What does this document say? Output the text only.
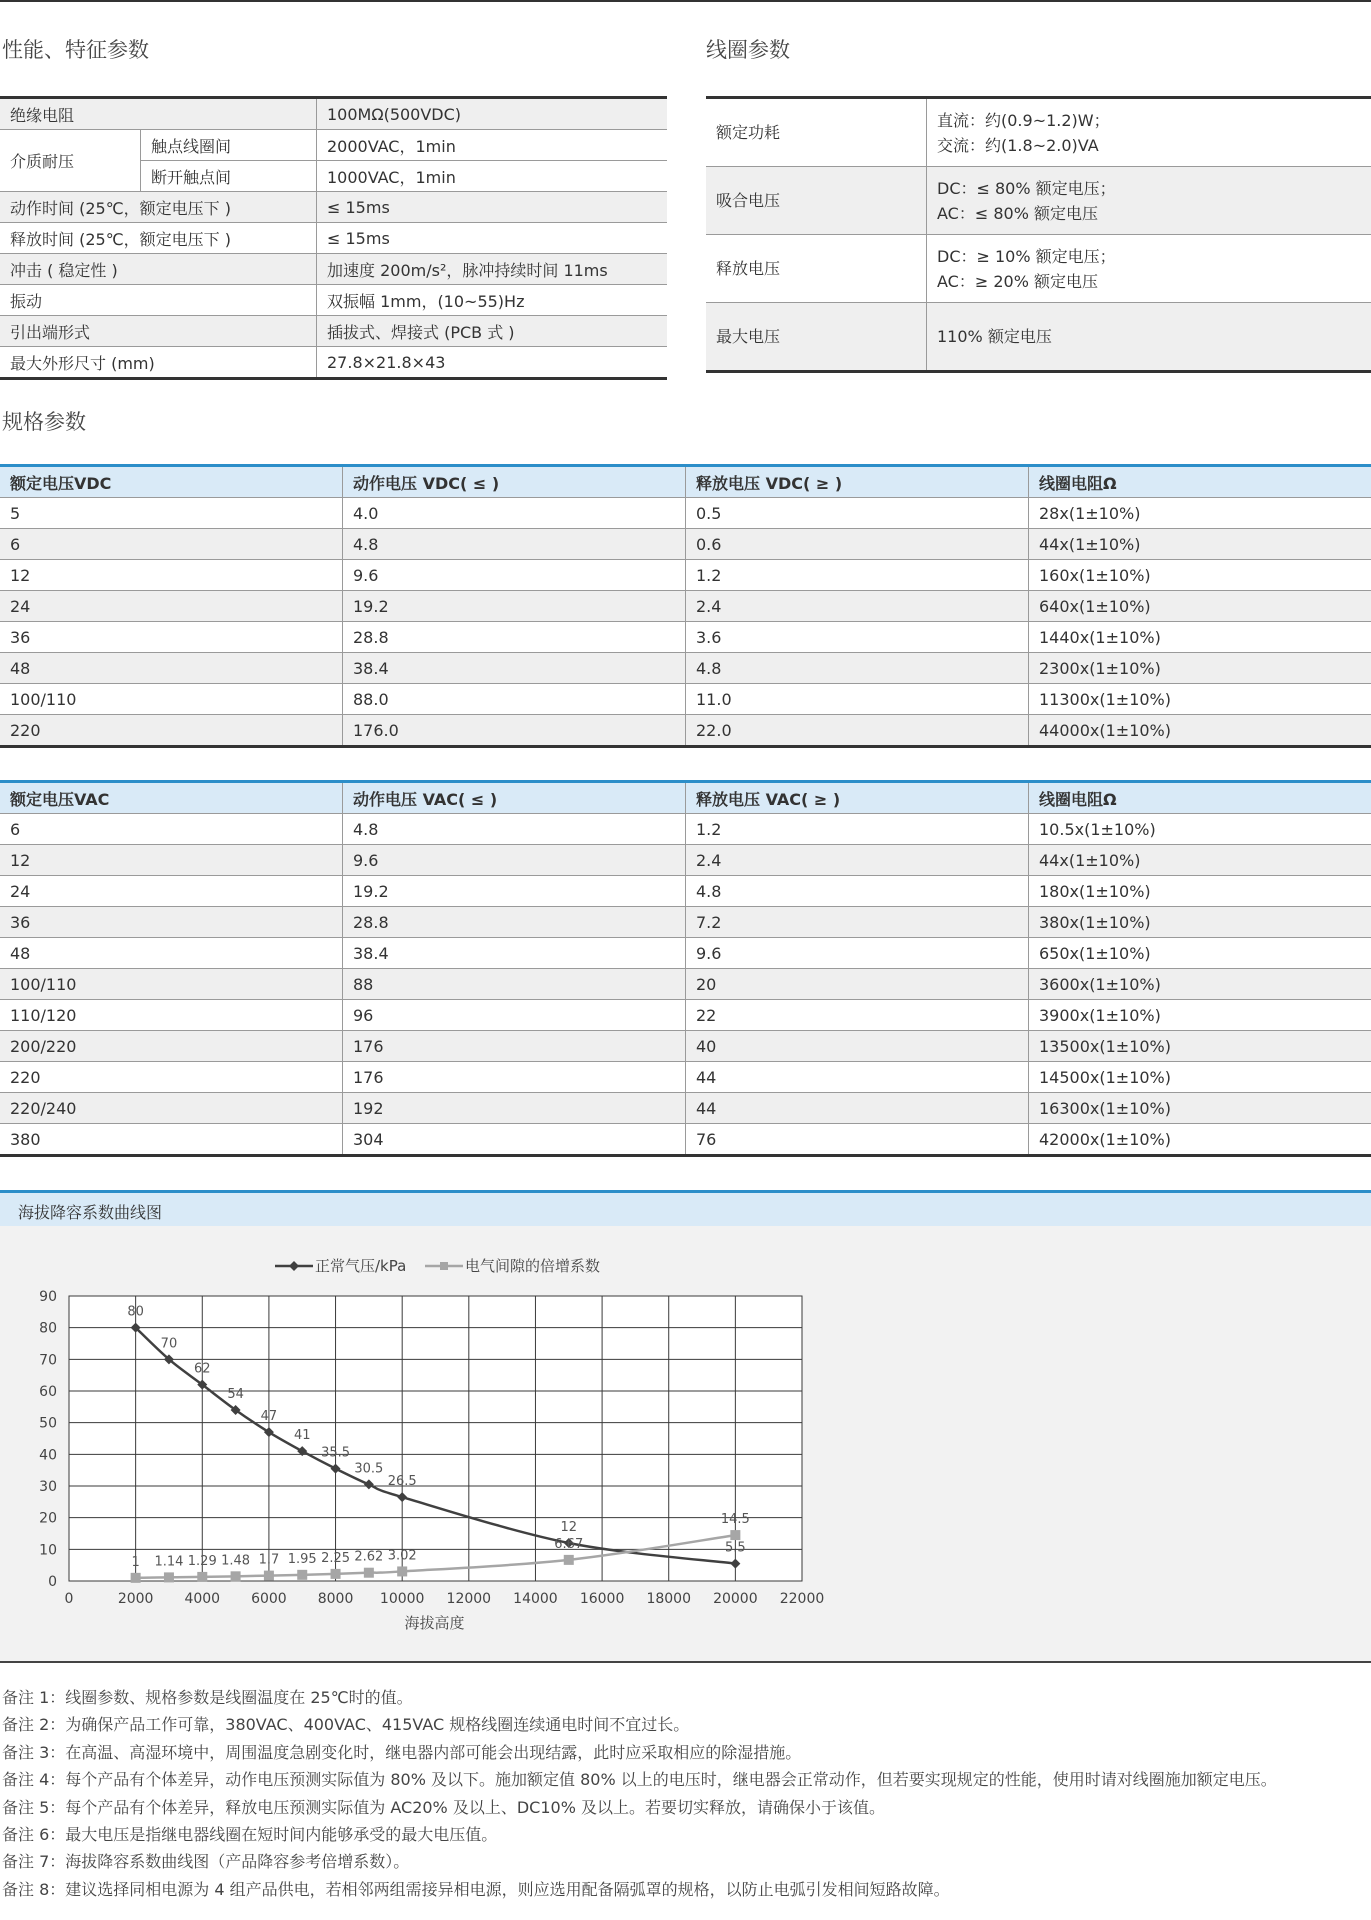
性能、特征参数	线圈参数
绝缘电阻		100MΩ(500VDC)
介质耐压	触点线圈间	2000VAC，1min
	断开触点间	1000VAC，1min
动作时间 (25℃，额定电压下 )		≤ 15ms
释放时间 (25℃，额定电压下 )		≤ 15ms
冲击 ( 稳定性 )		加速度 200m/s²，脉冲持续时间 11ms
振动		双振幅 1mm，(10~55)Hz
引出端形式		插拔式、焊接式 (PCB 式 )
最大外形尺寸 (mm)		27.8×21.8×43
额定功耗	直流：约(0.9~1.2)W；
交流：约(1.8~2.0)VA

吸合电压	DC：≤ 80% 额定电压；
AC：≤ 80% 额定电压

释放电压	DC：≥ 10% 额定电压；
AC：≥ 20% 额定电压

最大电压	110% 额定电压
规格参数
额定电压VDC	动作电压 VDC( ≤ )	释放电压 VDC( ≥ )	线圈电阻Ω
5	4.0	0.5	28x(1±10%)
6	4.8	0.6	44x(1±10%)
12	9.6	1.2	160x(1±10%)
24	19.2	2.4	640x(1±10%)
36	28.8	3.6	1440x(1±10%)
48	38.4	4.8	2300x(1±10%)
100/110	88.0	11.0	11300x(1±10%)
220	176.0	22.0	44000x(1±10%)
额定电压VAC	动作电压 VAC( ≤ )	释放电压 VAC( ≥ )	线圈电阻Ω
6	4.8	1.2	10.5x(1±10%)
12	9.6	2.4	44x(1±10%)
24	19.2	4.8	180x(1±10%)
36	28.8	7.2	380x(1±10%)
48	38.4	9.6	650x(1±10%)
100/110	88	20	3600x(1±10%)
110/120	96	22	3900x(1±10%)
200/220	176	40	13500x(1±10%)
220	176	44	14500x(1±10%)
220/240	192	44	16300x(1±10%)
380	304	76	42000x(1±10%)
海拔降容系数曲线图
0
10
20
30
40
50
60
70
80
90
0	2000 4000 6000 8000 10000 12000 14000 16000 18000 20000 22000
海拔高度
正常气压/kPa	电气间隙的倍增系数
80
70
62
54
47
41
35.5
30.5
26.5
12
5.5
1 1.14 1.29 1.48 1.7 1.95 2.25 2.62 3.02
6.67
14.5
备注 1：线圈参数、规格参数是线圈温度在 25℃时的值。
备注 2：为确保产品工作可靠，380VAC、400VAC、415VAC 规格线圈连续通电时间不宜过长。
备注 3：在高温、高湿环境中，周围温度急剧变化时，继电器内部可能会出现结露，此时应采取相应的除湿措施。
备注 4：每个产品有个体差异，动作电压预测实际值为 80% 及以下。施加额定值 80% 以上的电压时，继电器会正常动作，但若要实现规定的性能，使用时请对线圈施加额定电压。
备注 5：每个产品有个体差异，释放电压预测实际值为 AC20% 及以上、DC10% 及以上。若要切实释放，请确保小于该值。
备注 6：最大电压是指继电器线圈在短时间内能够承受的最大电压值。
备注 7：海拔降容系数曲线图（产品降容参考倍增系数）。
备注 8：建议选择同相电源为 4 组产品供电，若相邻两组需接异相电源，则应选用配备隔弧罩的规格，以防止电弧引发相间短路故障。
